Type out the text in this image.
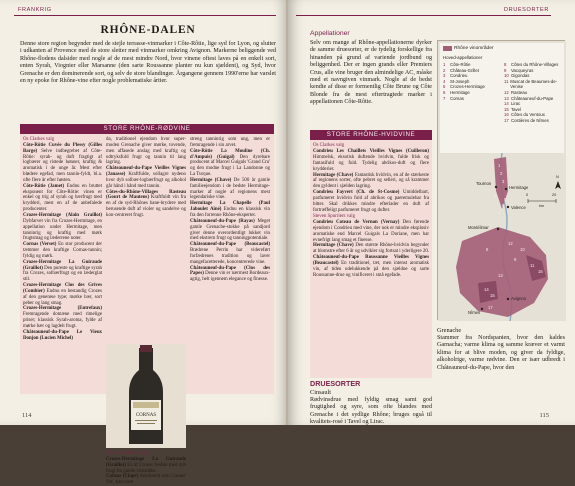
FRANKRIG
RHÔNE-DALEN
Denne store region begynder med de stejle terrasse-vinmarker i Côte-Rôtie, lige syd for Lyon, og slutter i udkanten af Provence med de store sletter med vinmarker omkring Avignon. Markerne beliggende ved Rhône-flodens dalsider med nogle af de mest mindre Nord, hvor vinene oftest laves på en enkelt sort, enten Syrah, Viognier eller Marsanne (den sarte Roussanne planter nu kun sjældent), og Syd, hvor Grenache er den dominerende sort, og selv de store blandinger. Årgangene gennem 1990'erne har varslet en ny epoke for Rhône-vine efter nogle problematiske årtier.
STORE RHÔNE-RØDVINE
Os Clarkes valg
Côte-Rôtie Cuvée du Plessy (Gilles Barge) Selve indbegrebet af Côte-Rôtie: syrah- og duft fragtigt af logbærer og ristede bønner, kraftig & aromatisk i de unge år. Mest efter blødere egefad, men tannin-fyldt, bl.a. ofte flere år efter høsten.
Côte-Rôtie (Jamet) Endnu en bruttet eksponent for Côte-Rôtie: vinen er enkel og trig af syrah og bærfrugt med krydderi, mest en af de anbefalede producenter.
Crozes-Hermitage (Alain Graillot) Dybfarvet vin fra Crozes-Hermitage, en appellation under Hermitage, men tanninrig og kraftig med mørk frugtsmag og læderrene noter.
Cornas (Verset) En stor producent der tæmmer den kraftige Cornas-tannin; fyldig og mørk.
Crozes-Hermitage La Guiraude (Graillot) Den pureste og kraftige syrah fra Crozes, solbærfrugt og en læderglat stil.
Crozes-Hermitage Clos des Grives (Combier) Endnu en bestandig Crozes af den generøse type; mørke bær, sort peber og lang smag.
Crozes-Hermitage (Entrefaux) Fremragende domæne med rimelige priser; klassisk Syrah-aroma, fylde af mørke bær og lagdelt frugt.
Châteauneuf-du-Pape Le Vieux Donjon (Lucien Michel)
da, traditionel ejendom hvor super-moden Grenache giver mørke, tovende, men affasede anslag med kraftig og udtryksfuld frugt og tannin til lang lagring.
Châteauneuf-du-Pape Vieilles Vignes (Janasse) Kraftfulde, sollagre nydeno hvor dyb solbær-logbærfrugt og alkohol går hånd i hånd med tannin.
Côtes-du-Rhône-Villages Rasteau (Gourt de Mautens) Kraftfuldt vin fra en af de syd-Rhônes bane-brydere med berusende duft af violer og sandelve og kon-centreret frugt.

CORNAS
Steven Spurriers valg
Crozes-Hermitage La Guiraude (Graillot) En af Crozes' bedste med dyb frugt fra gamle vinstokke.
Cornas (Clape) Anerkendt som Cornas' 'far', kan være

streng tanninrig som ung, men er fremragende i sin arvet.
Côte-Rôtie La Mouline (Ch. d'Ampuis) (Guigal) Den dyrebare producent af Marcel Guigals 'Grand Cru' og den modne frugt i La Landonne og La Turque.
Hermitage (Chave) De 500 år gamle familieejendom i de bedste Hermitage-marker af nogle af regionens mest legendariske vine.
Hermitage La Chapelle (Paul Jaboulet Aîné) Endnu en klassisk vin fra den forrenne Rhône-eksperter.
Châteauneuf-du-Pape (Rayas) Meget gamle Grenache-stokke på sandjord giver denne overordentligt lukket vin med ekstrem frugt og tanningpotentiale.
Châteauneuf-du-Pape (Beaucastel) Brødrene Perrin har videreført forfædrenes tradition og laver mangefacetterede, koncentrerede vine.
Châteauneuf-du-Pape (Clos des Papes) Denne vin er nærmest Bordeaux-agtig, helt igennem elegance og finesse.

114
DRUESORTER
Appellationer
Selv om mange af Rhône-appellationerne dyrker de samme druesorter, er de tydelig forskellige fra hinanden på grund af variende jordbund og beliggenhed. Der er ingen grands eller Premiers Crus, alle vine bruger den almindelige AC, måske med et navngiven vinmark. Nogle af de bedst kendte af disse er formentlig Côte Brune og Côte Blonde fra de mest eftertragtede marker i appellationen Côte-Rôtie.
STORE RHÔNE-HVIDVINE
Os Clarkes valg
Condrieu Les Chaillets Vieilles Vignes (Cuilleron) Himmelsk, eksotisk duftende hvidvin, fulde frisk og fantasifuld og fuld. Tydelig abrikos-duft og flere krydderier.
Hermitage (Chave) Fantastisk hvidvin, en af de stærkeste af regionens sorter, ofte pebret og selleri, og så krammer den gyldent i sjælden lagring.
Condrieu Fayvert (Ch. de St-Cosme) Umiddelbart, parfumeret hvidvin fuld af abrikos og paeremulebar fra bitter. Skal drikkes mindre efterlader en duft af fortræffeligt parfumeret frugt og dufter.
Steven Spurriers valg
Condrieu Coteau de Vernon (Vernay) Den førende ejendom i Condrieu med vine, der nok er mindre eksplosiv aromatiske end Marcel Guigals La Doriane, men har evnefrigt lang smag et finesse.
Hermitage (Chave) Den største Rhône-hvidvin begynder at blomstre efter 6 år og udvikler sig fortsat i yderligere 20.
Châteauneuf-du-Pape Roussanne Vieilles Vignes (Beaucastel) En traditionel, tæt, men intenst aromatisk vin, af tiden udelukkende på den sjældne og sarte Roussanne-drue og vinificeret i små egefade.

DRUESORTER
Cinsault
Rødvinsdrue med fyldig smag samt god frugtighed og syre, som ofte blandes med Grenache i det sydlige Rhône; bruges også til kvalitets-rosé i Tavel og Lirac.
Rhône vinområder
Hoved-appellationer
1	Côte-Rôtie
2	Château-Grillet
3	Condrieu
4	St-Joseph
5	Crozes-Hermitage
6	Hermitage
7	Cornas
8	Côtes du Rhône-Villages
9	Vacqueyras
10 Gigondas
11 Muscat de Beaumes-de-Venise
12 Rasteau
13 Châteauneuf-du-Pape
14 Lirac
15 Tavel
16 Côtes du Ventoux
17 Costières de Nîmes
Tournon
Hermitage
Valence
Montélimar
Avignon
Nîmes
0	20
km
N
1
2
3
4
5
6
7
8
9
10
11
12
13
14
15
16
17
Grenache
Stammer fra Nordspanien, hvor den kaldes Garnacha; varme klima og samme kræver et varmt klima for at blive moden, og giver da fyldige, alkoholrige, varme rødvine. Den er især udbredt i Châteauneuf-du-Pape, hvor den
115
